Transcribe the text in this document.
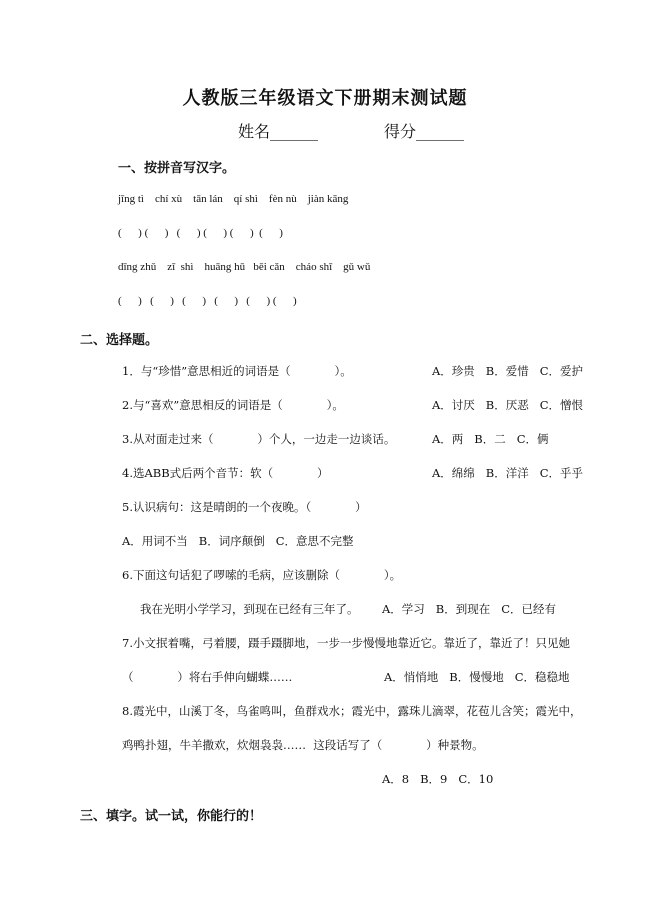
人教版三年级语文下册期末测试题
姓名______	得分______
一、按拼音写汉字。
jīng tì    chí xù    tān lán    qí shì    fèn nù    jiàn kāng
(      ) (      )   (      ) (      ) (      )  (      )
dīng zhǔ    zī  shì    huāng hū   bēi cǎn    cháo shī    gǔ wǔ
(      )   (      )   (      )   (      )   (      ) (      )
二、选择题。
1．与“珍惜”意思相近的词语是（            ）。	A．珍贵   B．爱惜   C．爱护
2.与“喜欢”意思相反的词语是（            ）。	A．讨厌   B．厌恶   C．憎恨
3.从对面走过来（            ）个人，一边走一边谈话。	A．两   B．二   C．俩
4.选ABB式后两个音节：软（            ）	A．绵绵   B．洋洋   C．乎乎
5.认识病句：这是晴朗的一个夜晚。（            ）
A．用词不当   B．词序颠倒   C．意思不完整
6.下面这句话犯了啰嗦的毛病，应该删除（            ）。
我在光明小学学习，到现在已经有三年了。 A．学习   B．到现在   C．已经有
7.小文抿着嘴，弓着腰，蹑手蹑脚地，一步一步慢慢地靠近它。靠近了，靠近了！只见她
（            ）将右手伸向蝴蝶……	A．悄悄地   B．慢慢地   C．稳稳地
8.霞光中，山溪丁冬，鸟雀鸣叫，鱼群戏水；霞光中，露珠儿滴翠，花苞儿含笑；霞光中，
鸡鸭扑翅，牛羊撒欢，炊烟袅袅……  这段话写了（            ）种景物。
A．8   B．9   C．10
三、填字。试一试，你能行的！
